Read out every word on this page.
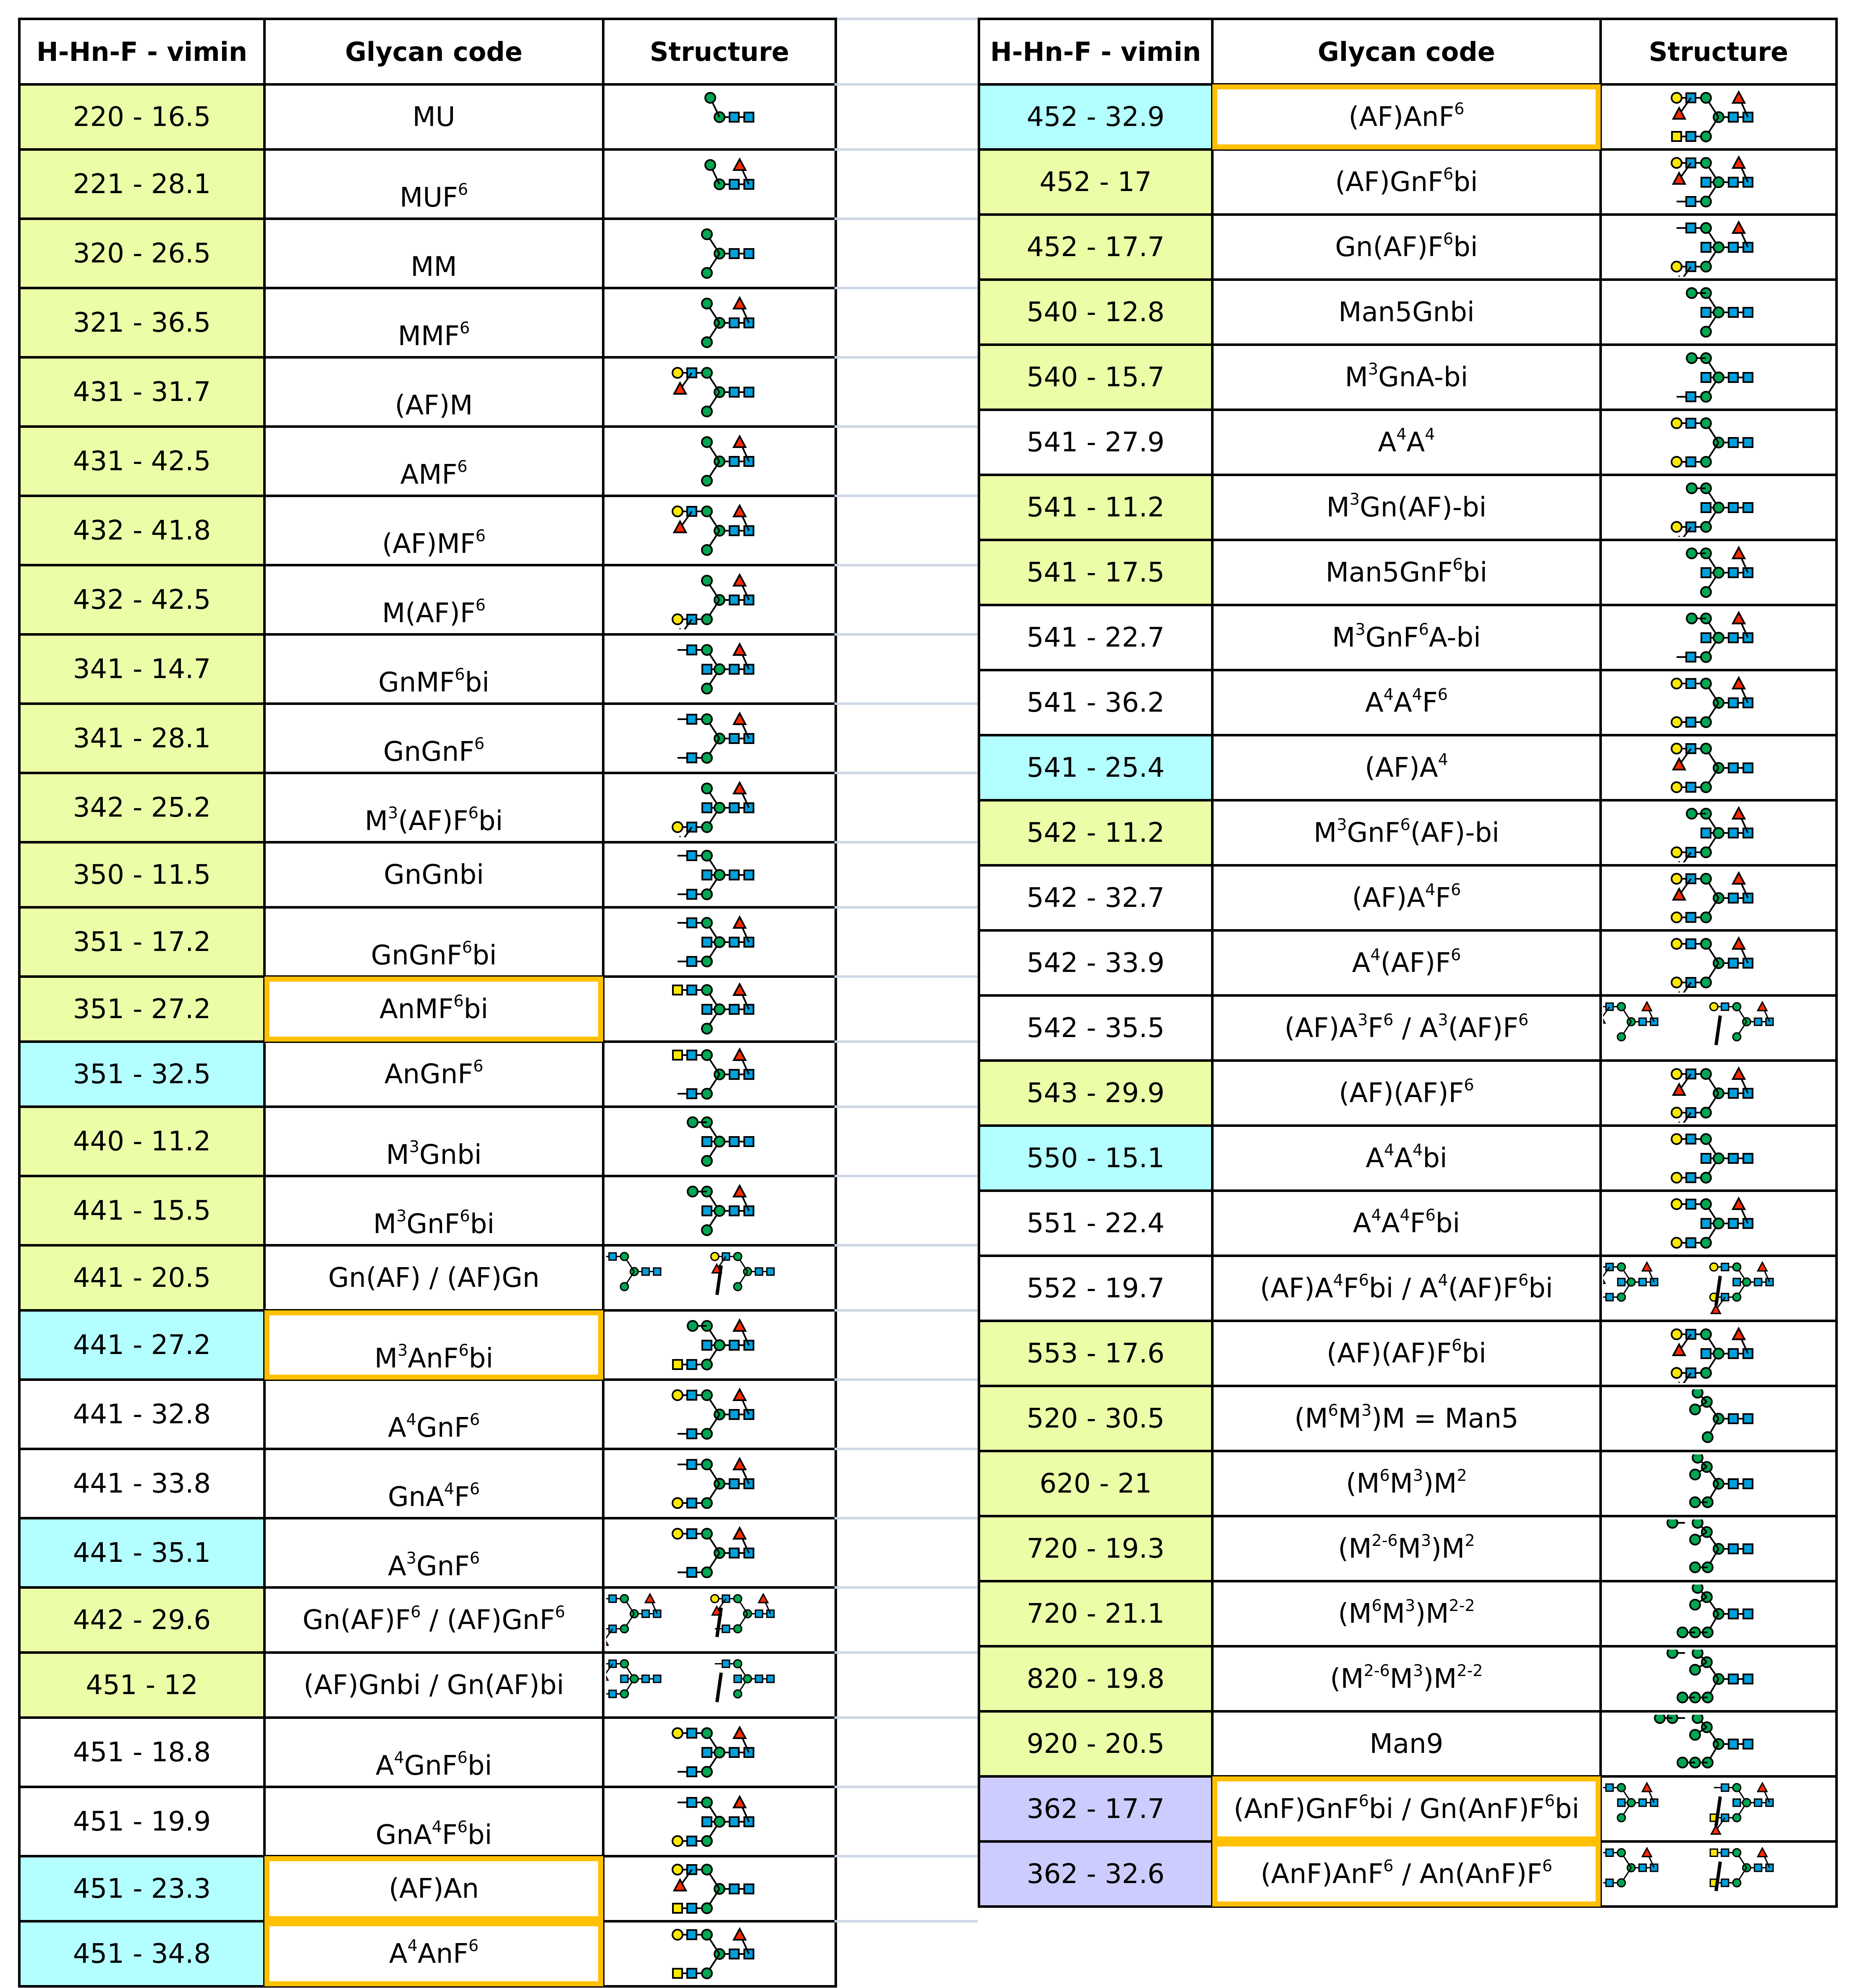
H-Hn-F - vimin	Glycan code	Structure
220 - 16.5	MU	

221 - 28.1	MUF$^6$	

320 - 26.5	MM	

321 - 36.5	MMF$^6$	

431 - 31.7	(AF)M	

431 - 42.5	AMF$^6$	

432 - 41.8	$(AF)MF^6$	

432 - 42.5	$M(AF)F^6$	

341 - 14.7	GnMF$^6$bi	

341 - 28.1	GnGnF$^6$	

342 - 25.2	$M^3(AF)F^6bi$	

350 - 11.5	GnGnbi	

351 - 17.2	GnGnF$^6$bi	

351 - 27.2	AnMF$^6$bi	

351 - 32.5	AnGnF$^6$	

440 - 11.2	$M^3Gnbi$	

441 - 15.5	$M^3GnF^6bi$	

441 - 20.5	Gn(AF) / (AF)Gn	

441 - 27.2	$M^3AnF^6bi$	

441 - 32.8	$A^4GnF^6$	

441 - 33.8	$GnA^4F^6$	

441 - 35.1	$A^3GnF^6$	

442 - 29.6	$Gn(AF)F^6 / (AF)GnF^6$	

451 - 12	(AF)Gnbi / Gn(AF)bi	

451 - 18.8	$A^4GnF^6bi$	

451 - 19.9	$GnA^4F^6bi$	

451 - 23.3	(AF)An	

451 - 34.8	$A^4AnF^6$	
H-Hn-F - vimin	Glycan code	Structure
452 - 32.9	(AF)AnF$^6$	

452 - 17	(AF)GnF$^6$bi	

452 - 17.7	$Gn(AF)F^6bi$	

540 - 12.8	Man5Gnbi	

540 - 15.7	$M^3GnA-bi$	

541 - 27.9	$A^4A^4$	

541 - 11.2	$M^3Gn(AF)-bi$	

541 - 17.5	Man5GnF$^6$bi	

541 - 22.7	$M^3GnF^6A-bi$	

541 - 36.2	$A^4A^4F^6$	

541 - 25.4	$(AF)A^4$	

542 - 11.2	$M^3GnF^6(AF)-bi$	

542 - 32.7	$(AF)A^4F^6$	

542 - 33.9	$A^4(AF)F^6$	

542 - 35.5	$(AF)A^3F^6 / A^3(AF)F^6$	

543 - 29.9	$(AF)(AF)F^6$	

550 - 15.1	$A^4A^4bi$	

551 - 22.4	$A^4A^4F^6bi$	

552 - 19.7	$(AF)A^4F^6bi / A^4(AF)F^6bi$	

553 - 17.6	$(AF)(AF)F^6bi$	

520 - 30.5	$(M^6M^3)M = Man5$	

620 - 21	$(M^6M^3)M^2$	

720 - 19.3	$(M^{2-6}M^3)M^2$	

720 - 21.1	$(M^6M^3)M^{2-2}$	

820 - 19.8	$(M^{2-6}M^3)M^{2-2}$	

920 - 20.5	Man9	

362 - 17.7	$(AnF)GnF^6bi / Gn(AnF)F^6bi$	

362 - 32.6	$(AnF)AnF^6 / An(AnF)F^6$	
